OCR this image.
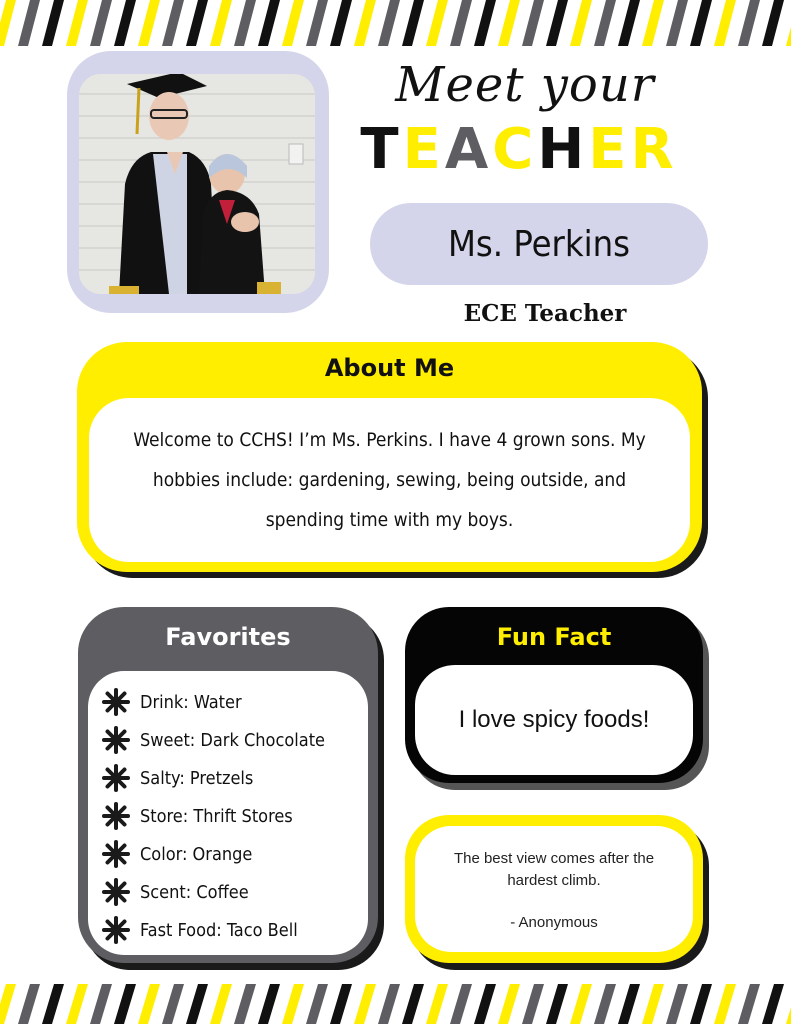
Meet your
TEACHER
Ms. Perkins
ECE Teacher
About Me
Welcome to CCHS! I’m Ms. Perkins. I have 4 grown sons. My hobbies include: gardening, sewing, being outside, and spending time with my boys.
Favorites
Drink: Water
Sweet: Dark Chocolate
Salty: Pretzels
Store: Thrift Stores
Color: Orange
Scent: Coffee
Fast Food: Taco Bell
Fun Fact
I love spicy foods!
The best view comes after the hardest climb.
- Anonymous
